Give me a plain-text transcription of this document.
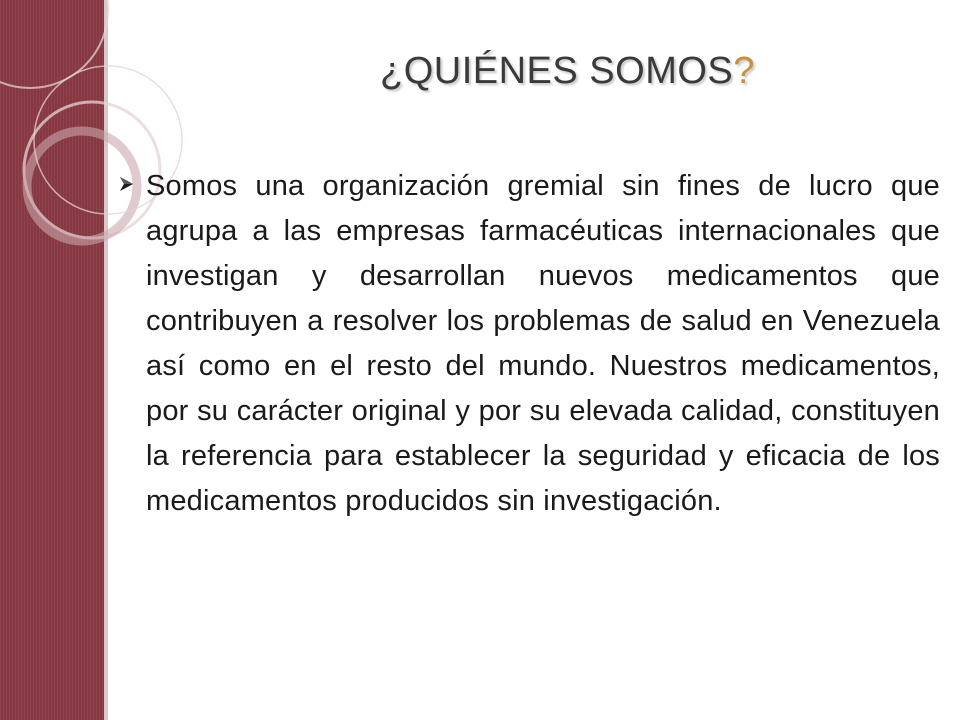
¿QUIÉNES SOMOS?
Somos una organización gremial sin fines de lucro que agrupa a las empresas farmacéuticas internacionales que investigan y desarrollan nuevos medicamentos que contribuyen a resolver los problemas de salud en Venezuela así como en el resto del mundo. Nuestros medicamentos, por su carácter original y por su elevada calidad, constituyen la referencia para establecer la seguridad y eficacia de los medicamentos producidos sin investigación.
